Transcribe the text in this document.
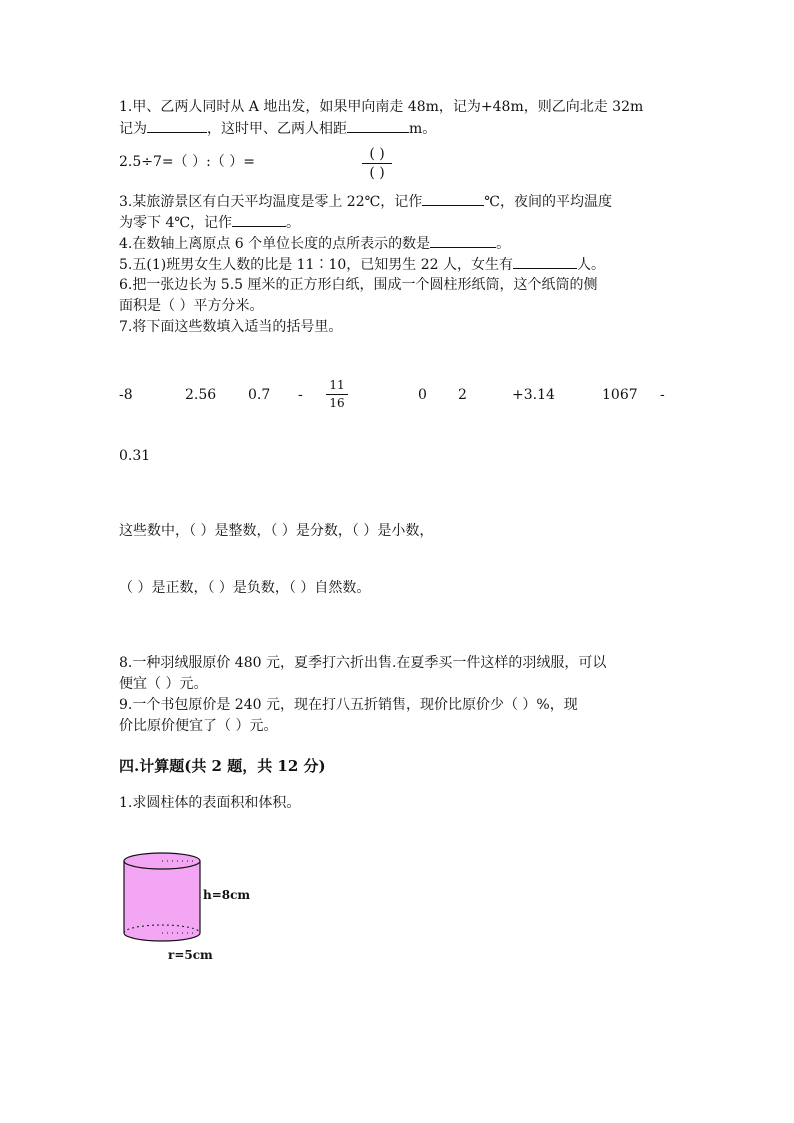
1.甲、乙两人同时从 A 地出发，如果甲向南走 48m，记为+48m，则乙向北走 32m
记为	，这时甲、乙两人相距	m。
2.5÷7=（ ）:（ ）=	( )
( )
3.某旅游景区有白天平均温度是零上 22℃，记作	℃，夜间的平均温度
为零下 4℃，记作	。
4.在数轴上离原点 6 个单位长度的点所表示的数是	。
5.五(1)班男女生人数的比是 11∶10，已知男生 22 人，女生有	人。
6.把一张边长为 5.5 厘米的正方形白纸，围成一个圆柱形纸筒，这个纸筒的侧
面积是（ ）平方分米。
7.将下面这些数填入适当的括号里。
-8	2.56 0.7 -
11
16	0 2	+3.14	1067 -
0.31
这些数中，（ ）是整数，（ ）是分数，（ ）是小数，
（ ）是正数，（ ）是负数，（ ）自然数。
8.一种羽绒服原价 480 元，夏季打六折出售.在夏季买一件这样的羽绒服，可以
便宜（ ）元。
9.一个书包原价是 240 元，现在打八五折销售，现价比原价少（ ）%，现
价比原价便宜了（ ）元。
四.计算题(共 2 题，共 12 分)
1.求圆柱体的表面积和体积。
h=8cm
r=5cm
